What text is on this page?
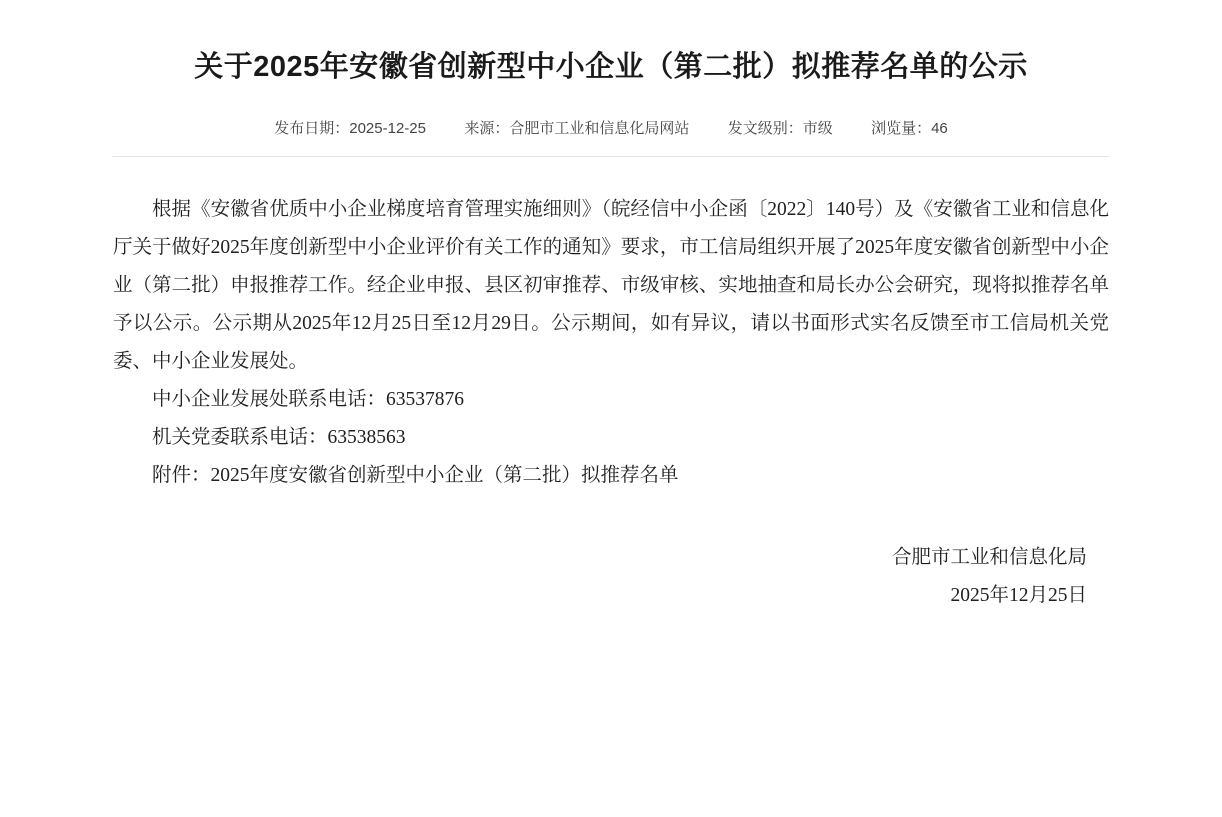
关于2025年安徽省创新型中小企业（第二批）拟推荐名单的公示
发布日期：2025-12-25	来源：合肥市工业和信息化局网站	发文级别：市级	浏览量：46

根据《安徽省优质中小企业梯度培育管理实施细则》（皖经信中小企函〔2022〕140号）及《安徽省工业和信息化厅关于做好2025年度创新型中小企业评价有关工作的通知》要求，市工信局组织开展了2025年度安徽省创新型中小企业（第二批）申报推荐工作。经企业申报、县区初审推荐、市级审核、实地抽查和局长办公会研究，现将拟推荐名单予以公示。公示期从2025年12月25日至12月29日。公示期间，如有异议，请以书面形式实名反馈至市工信局机关党委、中小企业发展处。

中小企业发展处联系电话：63537876

机关党委联系电话：63538563

附件：2025年度安徽省创新型中小企业（第二批）拟推荐名单

合肥市工业和信息化局
2025年12月25日
